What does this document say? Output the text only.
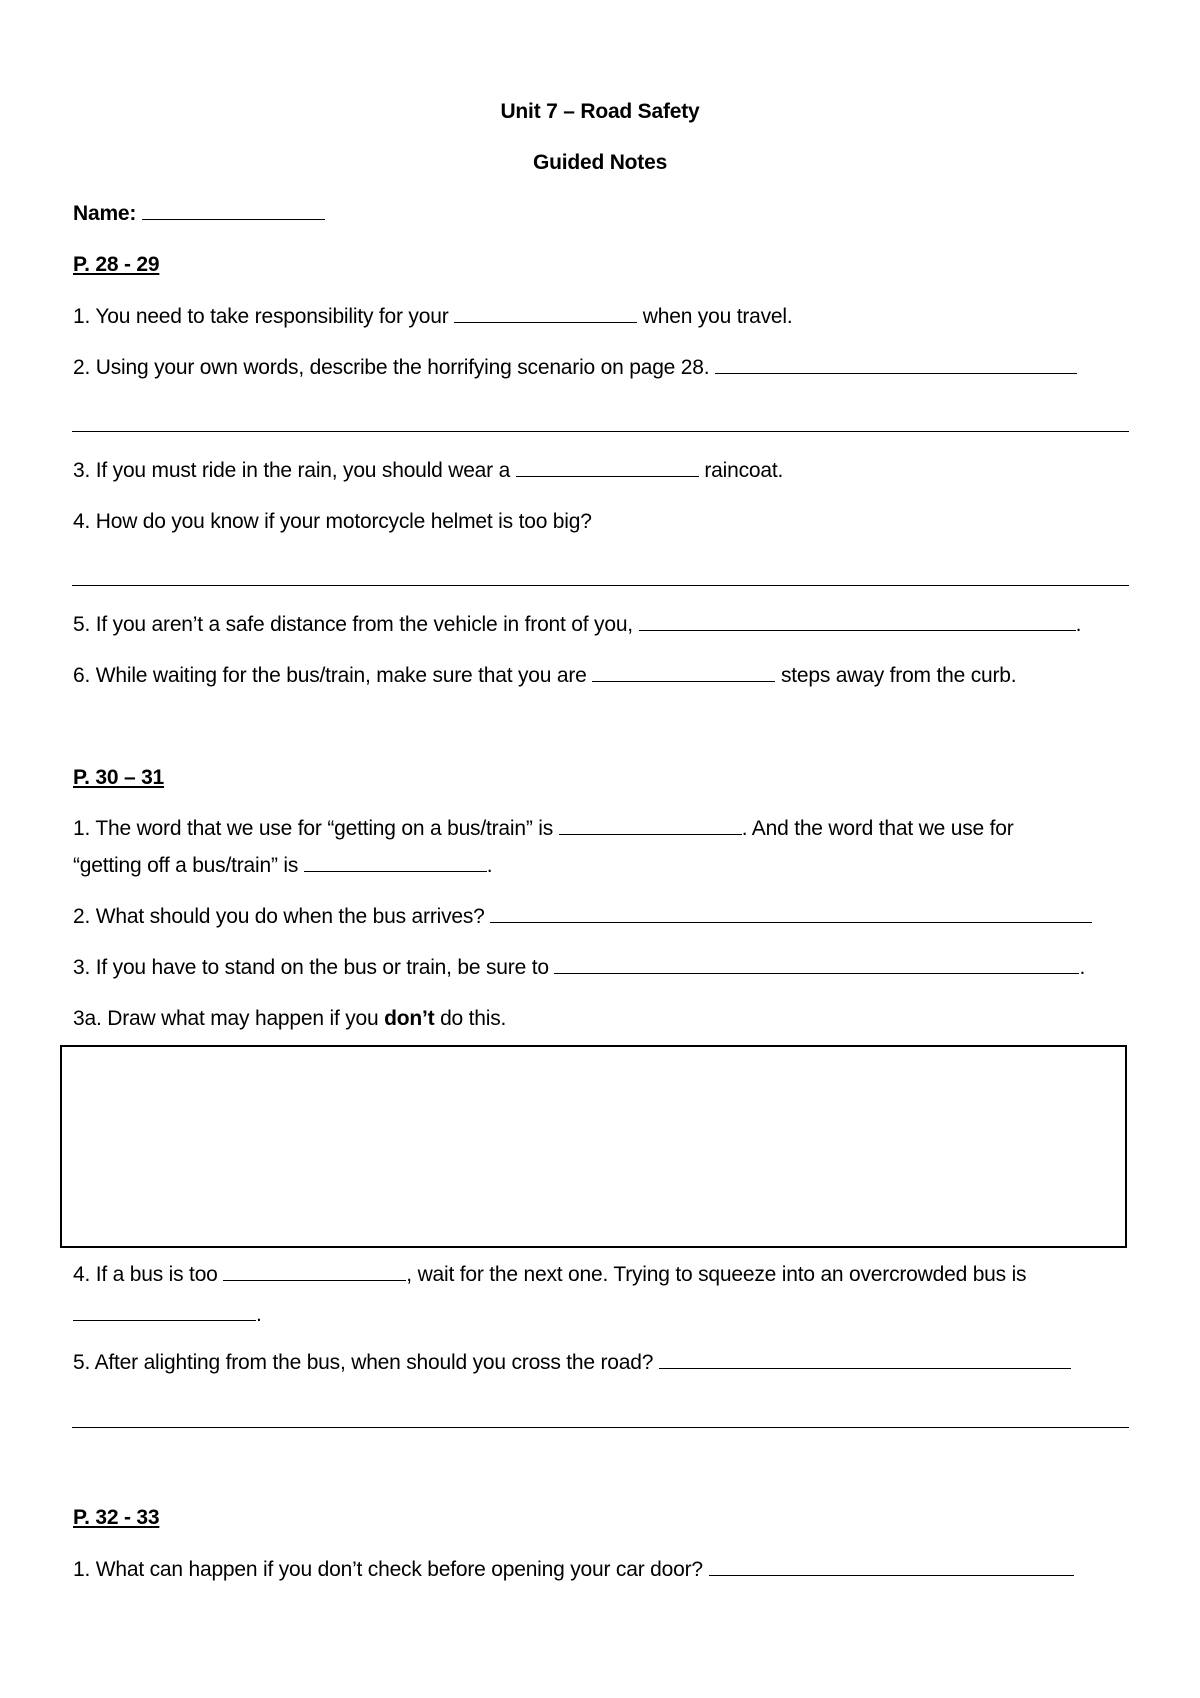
Unit 7 – Road Safety
Guided Notes
Name:
P. 28 - 29
1. You need to take responsibility for your	when you travel.
2. Using your own words, describe the horrifying scenario on page 28.
3. If you must ride in the rain, you should wear a	raincoat.
4. How do you know if your motorcycle helmet is too big?
5. If you aren’t a safe distance from the vehicle in front of you,	.
6. While waiting for the bus/train, make sure that you are	steps away from the curb.
P. 30 – 31
1. The word that we use for “getting on a bus/train” is	. And the word that we use for
“getting off a bus/train” is	.
2. What should you do when the bus arrives?
3. If you have to stand on the bus or train, be sure to	.
3a. Draw what may happen if you don’t do this.
4. If a bus is too	, wait for the next one. Trying to squeeze into an overcrowded bus is
.
5. After alighting from the bus, when should you cross the road?
P. 32 - 33
1. What can happen if you don’t check before opening your car door?
